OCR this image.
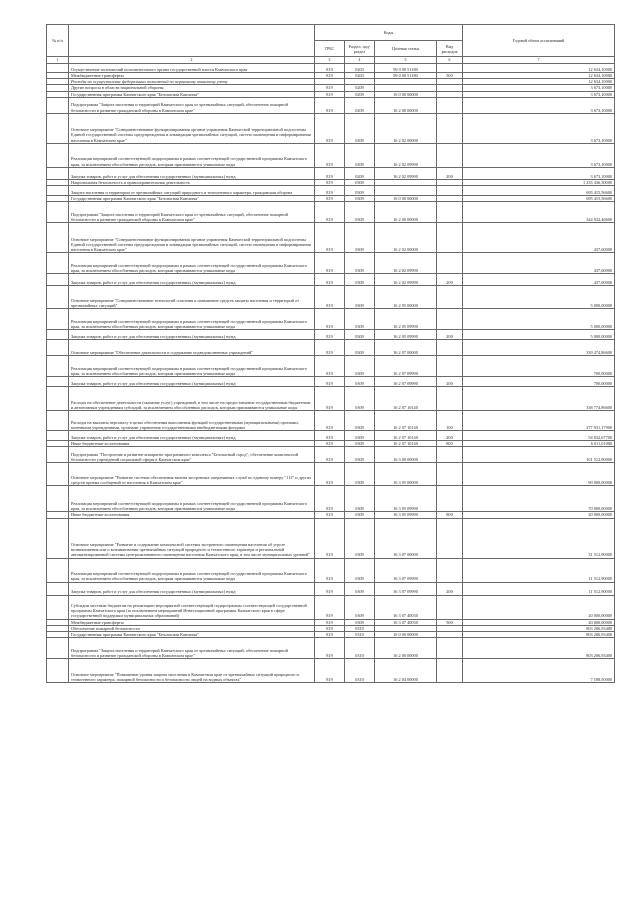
№ п/п		Коды				Годовой объем ассигнований
		ГРБС	Раздел, под-раздел	Целевая статья	Вид расходов	
1	2	3	4	5	6	7
	Осуществление полномочий исполнительного органа государственной власти Камчатского края	819	0203	99 0 00 51180		12 634,10000
	Межбюджетные трансферты	819	0203	99 0 00 51180	500	12 634,10000
	Расходы на осуществление федеральных полномочий по первичному воинскому учету					12 634,10000
	Другие вопросы в области национальной обороны	819	0209			3 673,10000
	Государственная программа Камчатского края "Безопасная Камчатка"	819	0209	16 0 00 00000		3 673,10000
	Подпрограмма "Защита населения и территорий Камчатского края от чрезвычайных ситуаций, обеспечение пожарной безопасности и развитие гражданской обороны в Камчатском крае"	819	0209	16 2 00 00000		3 673,10000
	Основное мероприятие "Совершенствование функционирования органов управления Камчатской территориальной подсистемы Единой государственной системы предупреждения и ликвидации чрезвычайных ситуаций, систем оповещения и информирования населения в Камчатском крае"	819	0209	16 2 02 00000		3 673,10000
	Реализация мероприятий соответствующей подпрограммы в рамках соответствующей государственной программы Камчатского края, за исключением обособленных расходов, которым присваиваются уникальные коды	819	0209	16 2 02 09990		3 673,10000
	Закупка товаров, работ и услуг для обеспечения государственных (муниципальных) нужд	819	0209	16 2 02 09990	200	3 673,10000
	Национальная безопасность и правоохранительная деятельность	819	0300			1 235 436,30000
	Защита населения и территории от чрезвычайных ситуаций природного и техногенного характера, гражданская оборона	819	0309			695 415,56600
	Государственная программа Камчатского края "Безопасная Камчатка"	819	0309	16 0 00 00000		695 415,56600
	Подпрограмма "Защита населения и территорий Камчатского края от чрезвычайных ситуаций, обеспечение пожарной безопасности и развитие гражданской обороны в Камчатском крае"	819	0309	16 2 00 00000		344 932,46600
	Основное мероприятие "Совершенствование функционирования органов управления Камчатской территориальной подсистемы Единой государственной системы предупреждения и ликвидации чрезвычайных ситуаций, систем оповещения и информирования населения в Камчатском крае"	819	0309	16 2 02 00000		437,60000
	Реализация мероприятий соответствующей подпрограммы в рамках соответствующей государственной программы Камчатского края, за исключением обособленных расходов, которым присваиваются уникальные коды	819	0309	16 2 02 09990		437,60000
	Закупка товаров, работ и услуг для обеспечения государственных (муниципальных) нужд	819	0309	16 2 02 09990	200	437,60000
	Основное мероприятие "Совершенствование технологий спасения и повышение средств защиты населения и территорий от чрезвычайных ситуаций"	819	0309	16 2 05 00000		5 000,00000
	Реализация мероприятий соответствующей подпрограммы в рамках соответствующей государственной программы Камчатского края, за исключением обособленных расходов, которым присваиваются уникальные коды	819	0309	16 2 05 09990		5 000,00000
	Закупка товаров, работ и услуг для обеспечения государственных (муниципальных) нужд	819	0309	16 2 05 09990	200	5 000,00000
	Основное мероприятие "Обеспечение деятельности и содержание подведомственных учреждений"	819	0309	16 2 07 00000		339 474,86600
	Реализация мероприятий соответствующей подпрограммы в рамках соответствующей государственной программы Камчатского края, за исключением обособленных расходов, которым присваиваются уникальные коды	819	0309	16 2 07 09990		700,00000
	Закупка товаров, работ и услуг для обеспечения государственных (муниципальных) нужд	819	0309	16 2 07 09990	200	700,00000
	Расходы на обеспечение деятельности (оказание услуг) учреждений, в том числе на предоставление государственным бюджетным и автономным учреждениям субсидий, за исключением обособленных расходов, которым присваиваются уникальные коды	819	0309	16 2 07 10140		338 774,86600
	Расходы на выплаты персоналу в целях обеспечения выполнения функций государственными (муниципальными) органами, казенными учреждениями, органами управления государственными внебюджетными фондами	819	0309	16 2 07 10140	100	277 931,17900
	Закупка товаров, работ и услуг для обеспечения государственных (муниципальных) нужд	819	0309	16 2 07 10140	200	54 832,67700
	Иные бюджетные ассигнования	819	0309	16 2 07 10140	800	6 011,01000
	Подпрограмма "Построение и развитие аппаратно-программного комплекса "Безопасный город", обеспечение комплексной безопасности учреждений социальной сферы в Камчатском крае"	819	0309	16 3 00 00000		101 512,90000
	Основное мероприятие "Развитие системы обеспечения вызова экстренных оперативных служб по единому номеру "112" и других средств приема сообщений от населения в Камчатском крае"	819	0309	16 3 05 00000		90 000,00000
	Реализация мероприятий соответствующей подпрограммы в рамках соответствующей государственной программы Камчатского края, за исключением обособленных расходов, которым присваиваются уникальные коды	819	0309	16 3 05 09990		70 000,00000
	Иные бюджетные ассигнования	819	0309	16 3 05 09990	800	20 000,00000
	Основное мероприятие "Развитие и содержание комплексной системы экстренного оповещения населения об угрозе возникновения или о возникновении чрезвычайных ситуаций природного и техногенного характера и региональной автоматизированной системы централизованного оповещения населения Камчатского края, в том числе муниципальных уровней"	819	0309	16 3 07 00000		31 512,90000
	Реализация мероприятий соответствующей подпрограммы в рамках соответствующей государственной программы Камчатского края, за исключением обособленных расходов, которым присваиваются уникальные коды	819	0309	16 3 07 09990		11 512,90000
	Закупка товаров, работ и услуг для обеспечения государственных (муниципальных) нужд	819	0309	16 3 07 09990	200	11 512,90000
	Субсидии местным бюджетам на реализацию мероприятий соответствующей подпрограммы соответствующей государственной программы Камчатского края (за исключением мероприятий Инвестиционной программы Камчатского края в сфере государственной поддержки муниципальных образований)	819	0309	16 3 07 40030		20 000,00000
	Межбюджетные трансферты	819	0309	16 3 07 40030	500	20 000,00000
	Обеспечение пожарной безопасности	819	0310			803 206,93400
	Государственная программа Камчатского края "Безопасная Камчатка"	819	0310	16 0 00 00000		803 206,93400
	Подпрограмма "Защита населения и территорий Камчатского края от чрезвычайных ситуаций, обеспечение пожарной безопасности и развитие гражданской обороны в Камчатском крае"	819	0310	16 2 00 00000		803 206,93400
	Основное мероприятие "Повышение уровня защиты населения в Камчатском крае от чрезвычайных ситуаций природного и техногенного характера, пожарной безопасности и безопасности людей на водных объектах"	819	0310	16 2 04 00000		7 188,50000
